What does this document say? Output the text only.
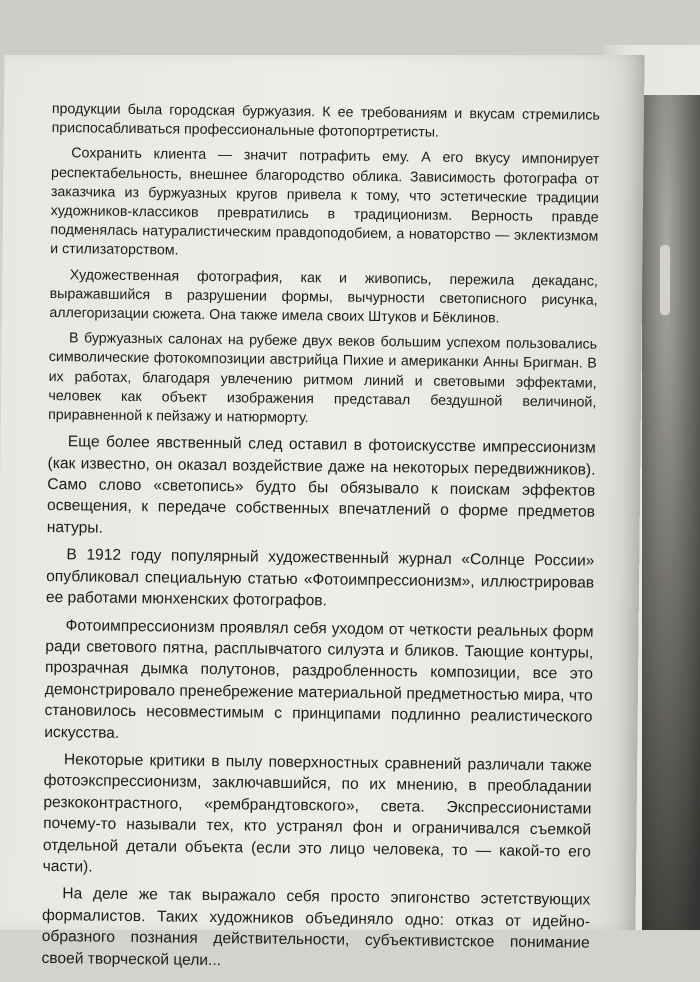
продукции была городская буржуазия. К ее требованиям и вкусам стремились приспосабливаться профессиональные фотопортретисты.

Сохранить клиента — значит потрафить ему. А его вкусу импонирует респектабельность, внешнее благородство облика. Зависимость фотографа от заказчика из буржуазных кругов привела к тому, что эстетические традиции художников-классиков превратились в традиционизм. Верность правде подменялась натуралистическим правдоподобием, а новаторство — эклектизмом и стилизаторством.

Художественная фотография, как и живопись, пережила декаданс, выражавшийся в разрушении формы, вычурности светописного рисунка, аллегоризации сюжета. Она также имела своих Штуков и Бёклинов.

В буржуазных салонах на рубеже двух веков большим успехом пользовались символические фотокомпозиции австрийца Пихие и американки Анны Бригман. В их работах, благодаря увлечению ритмом линий и световыми эффектами, человек как объект изображения представал бездушной величиной, приравненной к пейзажу и натюрморту.

Еще более явственный след оставил в фотоискусстве импрессионизм (как известно, он оказал воздействие даже на некоторых передвижников). Само слово «светопись» будто бы обязывало к поискам эффектов освещения, к передаче собственных впечатлений о форме предметов натуры.

В 1912 году популярный художественный журнал «Солнце России» опубликовал специальную статью «Фотоимпрессионизм», иллюстрировав ее работами мюнхенских фотографов.

Фотоимпрессионизм проявлял себя уходом от четкости реальных форм ради светового пятна, расплывчатого силуэта и бликов. Тающие контуры, прозрачная дымка полутонов, раздробленность композиции, все это демонстрировало пренебрежение материальной предметностью мира, что становилось несовместимым с принципами подлинно реалистического искусства.

Некоторые критики в пылу поверхностных сравнений различали также фотоэкспрессионизм, заключавшийся, по их мнению, в преобладании резкоконтрастного, «рембрандтовского», света. Экспрессионистами почему-то называли тех, кто устранял фон и ограничивался съемкой отдельной детали объекта (если это лицо человека, то — какой-то его части).

На деле же так выражало себя просто эпигонство эстетствующих формалистов. Таких художников объединяло одно: отказ от идейно-образного познания действительности, субъективистское понимание своей творческой цели...
